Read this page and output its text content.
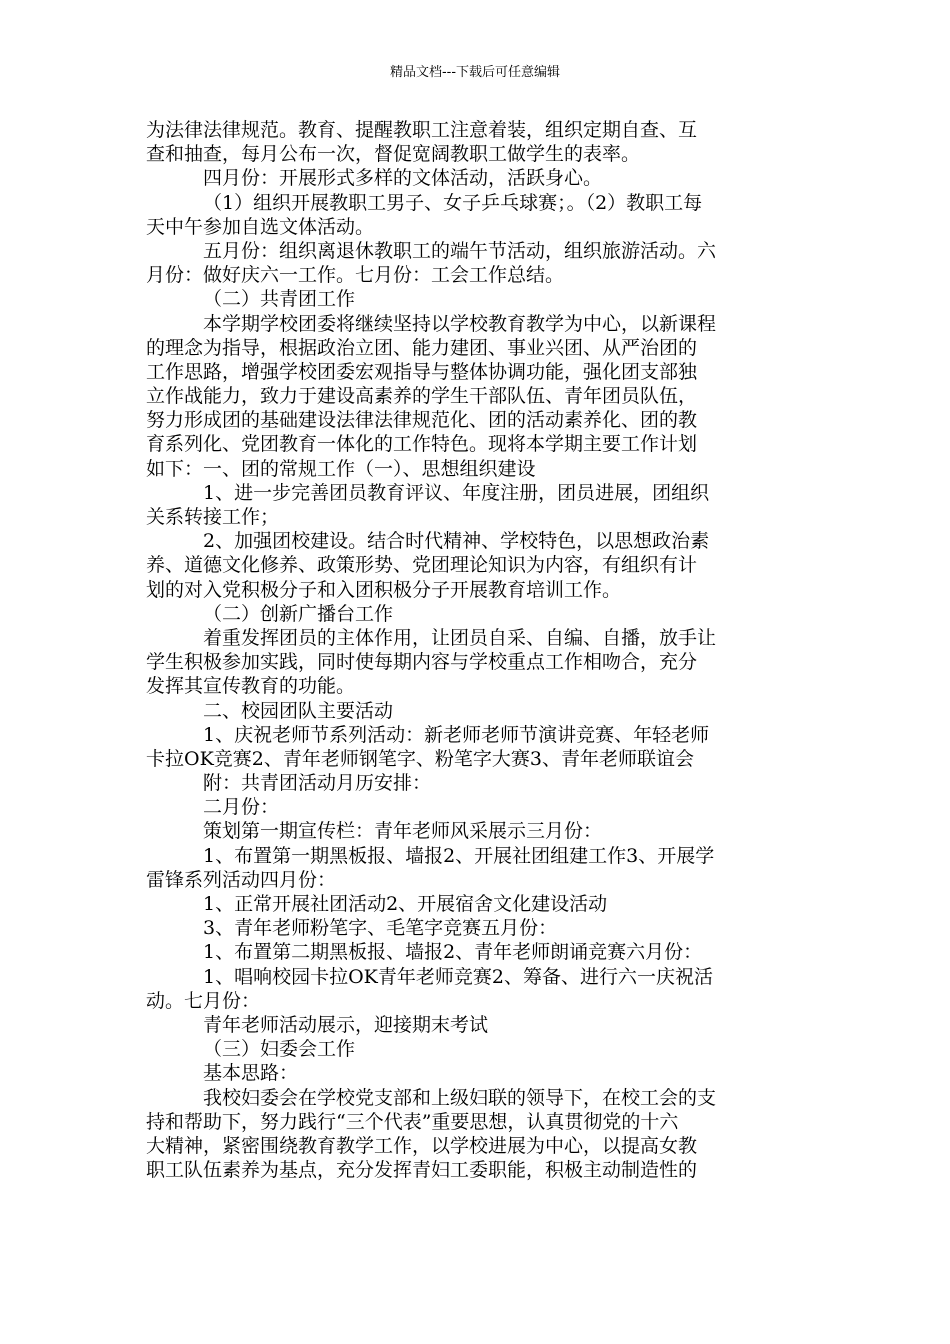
精品文档---下载后可任意编辑
为法律法律规范。教育、提醒教职工注意着装，组织定期自查、互
查和抽查，每月公布一次，督促宽阔教职工做学生的表率。
四月份：开展形式多样的文体活动，活跃身心。
（1）组织开展教职工男子、女子乒乓球赛；。（2）教职工每
天中午参加自选文体活动。
五月份：组织离退休教职工的端午节活动，组织旅游活动。六
月份：做好庆六一工作。七月份：工会工作总结。
（二）共青团工作
本学期学校团委将继续坚持以学校教育教学为中心，以新课程
的理念为指导，根据政治立团、能力建团、事业兴团、从严治团的
工作思路，增强学校团委宏观指导与整体协调功能，强化团支部独
立作战能力，致力于建设高素养的学生干部队伍、青年团员队伍，
努力形成团的基础建设法律法律规范化、团的活动素养化、团的教
育系列化、党团教育一体化的工作特色。现将本学期主要工作计划
如下：一、团的常规工作（一）、思想组织建设
1、进一步完善团员教育评议、年度注册，团员进展，团组织
关系转接工作；
2、加强团校建设。结合时代精神、学校特色，以思想政治素
养、道德文化修养、政策形势、党团理论知识为内容，有组织有计
划的对入党积极分子和入团积极分子开展教育培训工作。
（二）创新广播台工作
着重发挥团员的主体作用，让团员自采、自编、自播，放手让
学生积极参加实践，同时使每期内容与学校重点工作相吻合，充分
发挥其宣传教育的功能。
二、校园团队主要活动
1、庆祝老师节系列活动：新老师老师节演讲竞赛、年轻老师
卡拉OK竞赛2、青年老师钢笔字、粉笔字大赛3、青年老师联谊会
附：共青团活动月历安排：
二月份：
策划第一期宣传栏：青年老师风采展示三月份：
1、布置第一期黑板报、墙报2、开展社团组建工作3、开展学
雷锋系列活动四月份：
1、正常开展社团活动2、开展宿舍文化建设活动
3、青年老师粉笔字、毛笔字竞赛五月份：
1、布置第二期黑板报、墙报2、青年老师朗诵竞赛六月份：
1、唱响校园卡拉OK青年老师竞赛2、筹备、进行六一庆祝活
动。七月份：
青年老师活动展示，迎接期末考试
（三）妇委会工作
基本思路：
我校妇委会在学校党支部和上级妇联的领导下，在校工会的支
持和帮助下，努力践行“三个代表”重要思想，认真贯彻党的十六
大精神，紧密围绕教育教学工作，以学校进展为中心，以提高女教
职工队伍素养为基点，充分发挥青妇工委职能，积极主动制造性的
